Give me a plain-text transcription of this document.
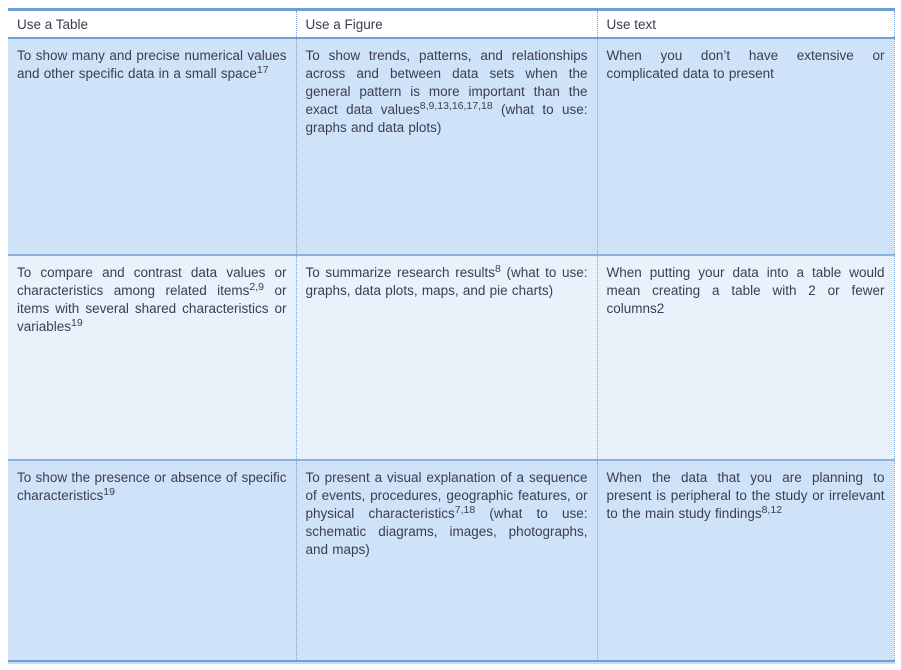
Use a Table	Use a Figure	Use text
To show many and precise numerical values and other specific data in a small space$^{17}$	To show trends, patterns, and relationships across and between data sets when the general pattern is more important than the exact data values$^{8,9,13,16,17,18}$ (what to use: graphs and data plots)	When you don’t have extensive or complicated data to present
To compare and contrast data values or characteristics among related items$^{2,9}$ or items with several shared characteristics or variables$^{19}$	To summarize research results$^8$ (what to use: graphs, data plots, maps, and pie charts)	When putting your data into a table would mean creating a table with 2 or fewer columns2
To show the presence or absence of specific characteristics$^{19}$	To present a visual explanation of a sequence of events, procedures, geographic features, or physical characteristics$^{7,18}$ (what to use: schematic diagrams, images, photographs, and maps)	When the data that you are planning to present is peripheral to the study or irrelevant to the main study findings$^{8,12}$
